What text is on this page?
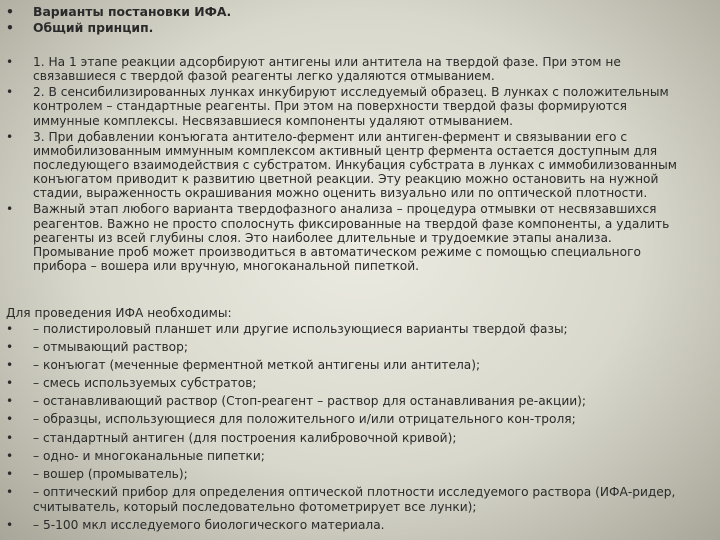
• Варианты постановки ИФА.
• Общий принцип.
• 1. На 1 этапе реакции адсорбируют антигены или антитела на твердой фазе. При этом не связавшиеся с твердой фазой реагенты легко удаляются отмыванием.
• 2. В сенсибилизированных лунках инкубируют исследуемый образец. В лунках с положительным контролем – стандартные реагенты. При этом на поверхности твердой фазы формируются иммунные комплексы. Несвязавшиеся компоненты удаляют отмыванием.
• 3. При добавлении конъюгата антитело-фермент или антиген-фермент и связывании его с иммобилизованным иммунным комплексом активный центр фермента остается доступным для последующего взаимодействия с субстратом. Инкубация субстрата в лунках с иммобилизованным конъюгатом приводит к развитию цветной реакции. Эту реакцию можно остановить на нужной стадии, выраженность окрашивания можно оценить визуально или по оптической плотности.
• Важный этап любого варианта твердофазного анализа – процедура отмывки от несвязавшихся реагентов. Важно не просто сполоснуть фиксированные на твердой фазе компоненты, а удалить реагенты из всей глубины слоя. Это наиболее длительные и трудоемкие этапы анализа. Промывание проб может производиться в автоматическом режиме с помощью специального прибора – вошера или вручную, многоканальной пипеткой.
Для проведения ИФА необходимы:
• – полистироловый планшет или другие использующиеся варианты твердой фазы;
• – отмывающий раствор;
• – конъюгат (меченные ферментной меткой антигены или антитела);
• – смесь используемых субстратов;
• – останавливающий раствор (Стоп-реагент – раствор для останавливания ре-акции);
• – образцы, использующиеся для положительного и/или отрицательного кон-троля;
• – стандартный антиген (для построения калибровочной кривой);
• – одно- и многоканальные пипетки;
• – вошер (промыватель);
• – оптический прибор для определения оптической плотности исследуемого раствора (ИФА-ридер, считыватель, который последовательно фотометрирует все лунки);
• – 5-100 мкл исследуемого биологического материала.
